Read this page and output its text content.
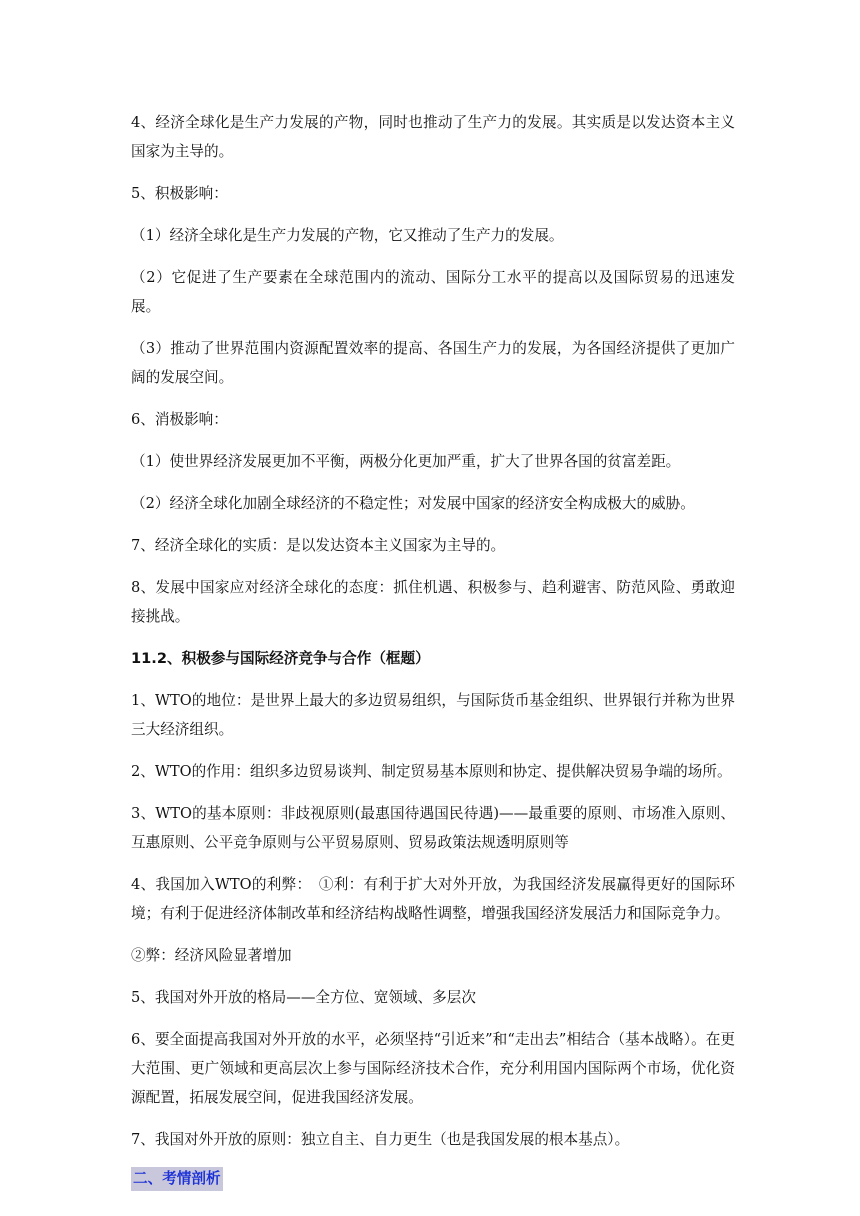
4、经济全球化是生产力发展的产物，同时也推动了生产力的发展。其实质是以发达资本主义国家为主导的。

5、积极影响：

（1）经济全球化是生产力发展的产物，它又推动了生产力的发展。

（2）它促进了生产要素在全球范围内的流动、国际分工水平的提高以及国际贸易的迅速发展。

（3）推动了世界范围内资源配置效率的提高、各国生产力的发展，为各国经济提供了更加广阔的发展空间。

6、消极影响：

（1）使世界经济发展更加不平衡，两极分化更加严重，扩大了世界各国的贫富差距。

（2）经济全球化加剧全球经济的不稳定性；对发展中国家的经济安全构成极大的威胁。

7、经济全球化的实质：是以发达资本主义国家为主导的。

8、发展中国家应对经济全球化的态度：抓住机遇、积极参与、趋利避害、防范风险、勇敢迎接挑战。

11.2、积极参与国际经济竞争与合作（框题）

1、WTO的地位：是世界上最大的多边贸易组织，与国际货币基金组织、世界银行并称为世界三大经济组织。

2、WTO的作用：组织多边贸易谈判、制定贸易基本原则和协定、提供解决贸易争端的场所。

3、WTO的基本原则：非歧视原则(最惠国待遇国民待遇)——最重要的原则、市场准入原则、互惠原则、公平竞争原则与公平贸易原则、贸易政策法规透明原则等

4、我国加入WTO的利弊：　①利：有利于扩大对外开放，为我国经济发展赢得更好的国际环境；有利于促进经济体制改革和经济结构战略性调整，增强我国经济发展活力和国际竞争力。

②弊：经济风险显著增加

5、我国对外开放的格局——全方位、宽领域、多层次

6、要全面提高我国对外开放的水平，必须坚持“引近来”和“走出去”相结合（基本战略）。在更大范围、更广领域和更高层次上参与国际经济技术合作，充分利用国内国际两个市场，优化资源配置，拓展发展空间，促进我国经济发展。

7、我国对外开放的原则：独立自主、自力更生（也是我国发展的根本基点）。

二、考情剖析
